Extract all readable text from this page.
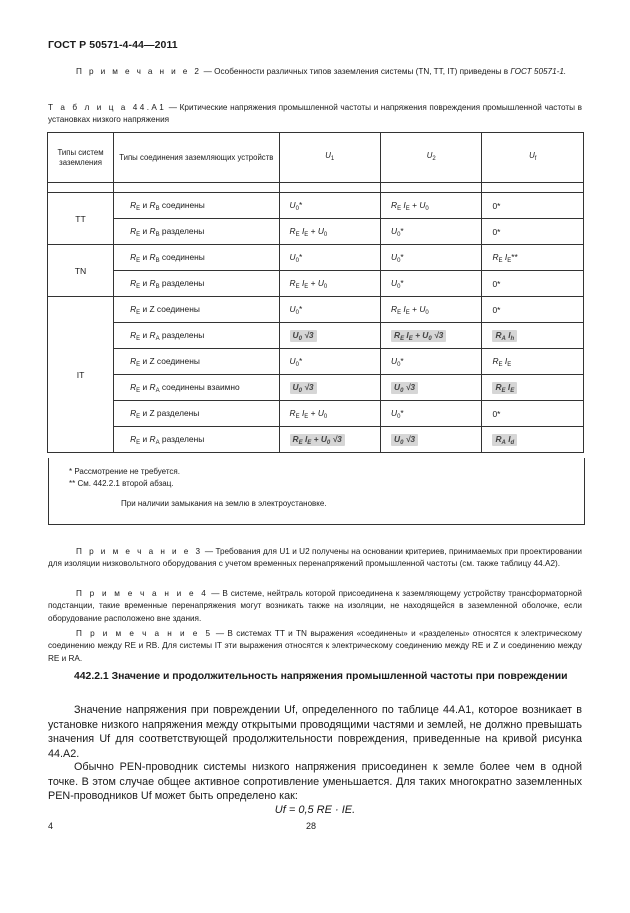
ГОСТ Р 50571-4-44—2011
П р и м е ч а н и е 2 — Особенности различных типов заземления системы (TN, TT, IT) приведены в ГОСТ 50571-1.
Т а б л и ц а 44.A1 — Критические напряжения промышленной частоты и напряжения повреждения промышленной частоты в установках низкого напряжения
Типы систем заземления	Типы соединения заземляющих устройств	$U_1$	$U_2$	$U_f$

TT	$R_E$ и $R_B$ соединены	$U_0*$	$R_E$ $I_E + U_0$	0*
	$R_E$ и $R_B$ разделены	$R_E$ $I_E + U_0$	$U_0*$	0*
TN	$R_E$ и $R_B$ соединены	$U_0*$	$U_0*$	$R_E$ $I_E**$
	$R_E$ и $R_B$ разделены	$R_E$ $I_E + U_0$	$U_0*$	0*
IT	$R_E$ и Z соединены	$U_0*$	$R_E$ $I_E + U_0$	0*
	$R_E$ и $R_A$ разделены	$U_0$ √3	$R_E$ $I_E + U_0$ √3	$R_A$ $I_h$
	$R_E$ и Z соединены	$U_0*$	$U_0*$	$R_E$ $I_E$
	$R_E$ и $R_A$ соединены взаимно	$U_0$ √3	$U_0$ √3	$R_E$ $I_E$
	$R_E$ и Z разделены	$R_E$ $I_E + U_0$	$U_0*$	0*
	$R_E$ и $R_A$ разделены	$R_E$ $I_E + U_0$ √3	$U_0$ √3	$R_A$ $I_d$
* Рассмотрение не требуется.
** См. 442.2.1 второй абзац.
При наличии замыкания на землю в электроустановке.
П р и м е ч а н и е 3 — Требования для U1 и U2 получены на основании критериев, принимаемых при проектировании для изоляции низковольтного оборудования с учетом временных перенапряжений промышленной частоты (см. также таблицу 44.A2).
П р и м е ч а н и е 4 — В системе, нейтраль которой присоединена к заземляющему устройству трансформаторной подстанции, такие временные перенапряжения могут возникать также на изоляции, не находящейся в заземленной оболочке, если оборудование расположено вне здания.
П р и м е ч а н и е 5 — В системах TT и TN выражения «соединены» и «разделены» относятся к электрическому соединению между RE и RB. Для системы IT эти выражения относятся к электрическому соединению между RE и Z и соединению между RE и RA.
442.2.1 Значение и продолжительность напряжения промышленной частоты при повреждении
Значение напряжения при повреждении Uf, определенного по таблице 44.A1, которое возникает в установке низкого напряжения между открытыми проводящими частями и землей, не должно превышать значения Uf для соответствующей продолжительности повреждения, приведенные на кривой рисунка 44.A2.
Обычно PEN-проводник системы низкого напряжения присоединен к земле более чем в одной точке. В этом случае общее активное сопротивление уменьшается. Для таких многократно заземленных PEN-проводников Uf может быть определено как:
Uf = 0,5 RE · IE.
4	28
